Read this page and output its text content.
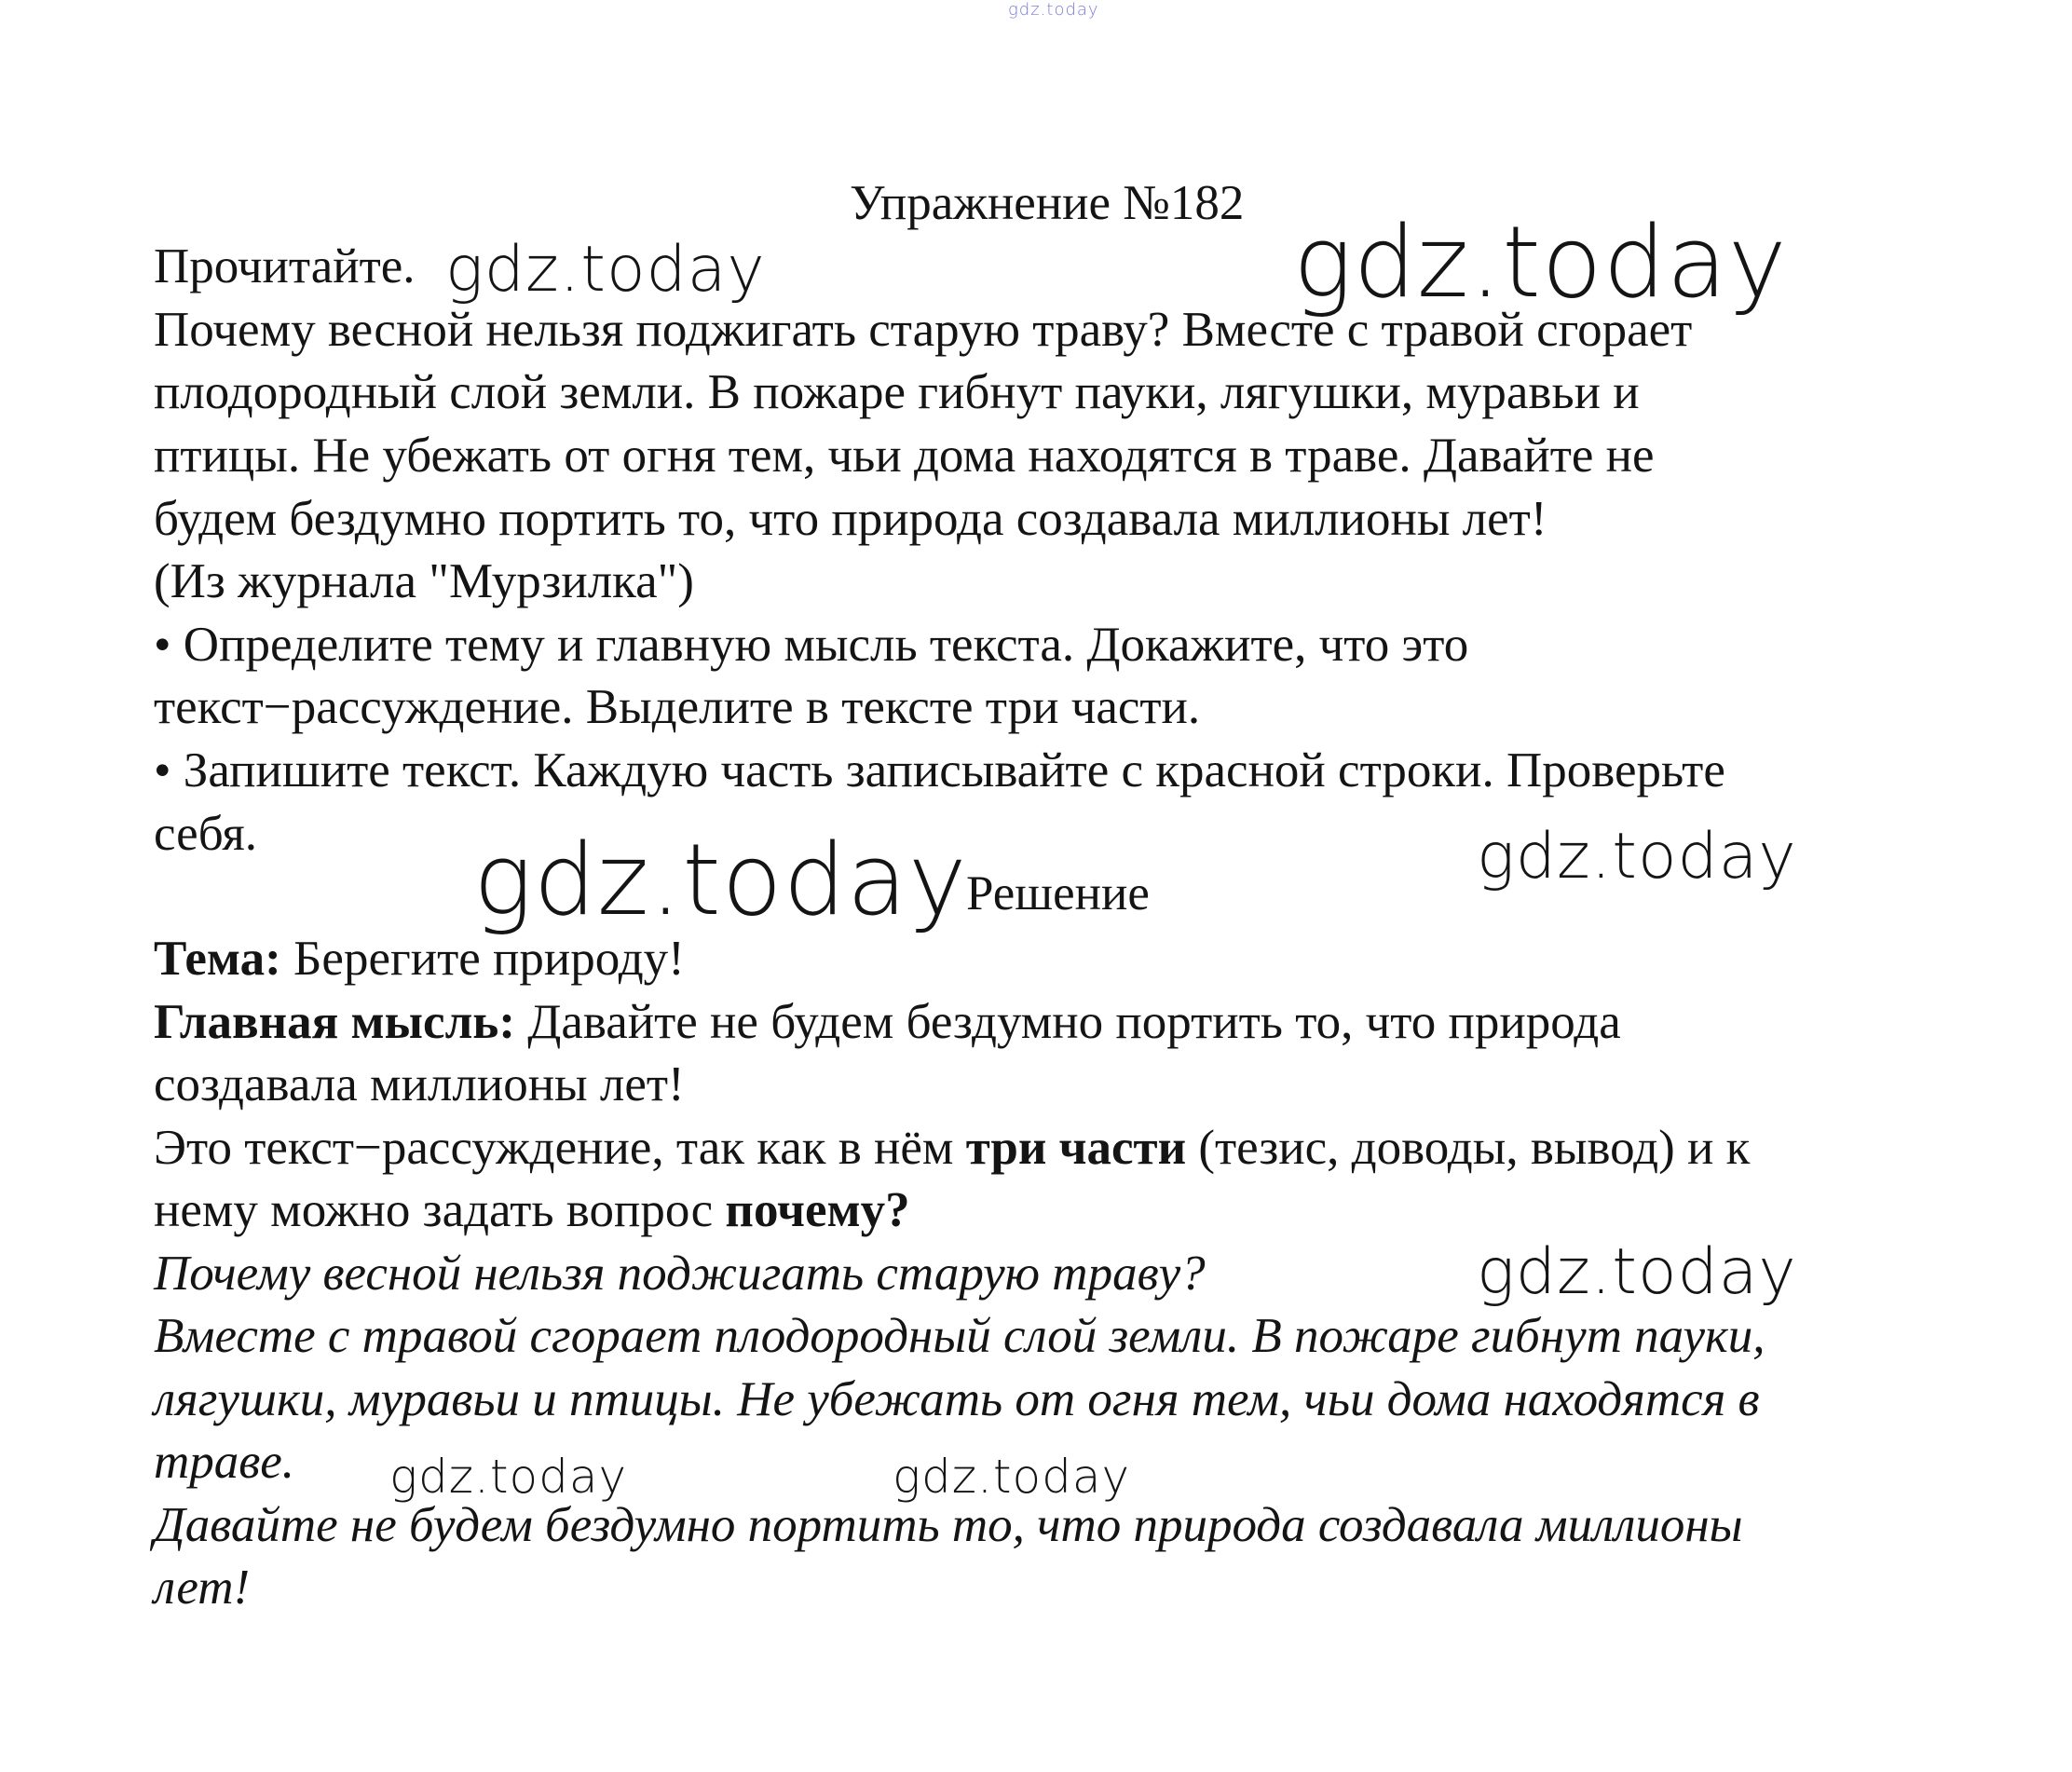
gdz.today
Упражнение №182
Прочитайте. gdz.today	gdz.today
Почему весной нельзя поджигать старую траву? Вместе с травой сгорает
плодородный слой земли. В пожаре гибнут пауки, лягушки, муравьи и
птицы. Не убежать от огня тем, чьи дома находятся в траве. Давайте не
будем бездумно портить то, что природа создавала миллионы лет!
(Из журнала "Мурзилка")
• Определите тему и главную мысль текста. Докажите, что это
текст−рассуждение. Выделите в тексте три части.
• Запишите текст. Каждую часть записывайте с красной строки. Проверьте
себя. gdz.today
Решение	gdz.today
Тема: Берегите природу!
Главная мысль: Давайте не будем бездумно портить то, что природа
создавала миллионы лет!
Это текст−рассуждение, так как в нём три части (тезис, доводы, вывод) и к
нему можно задать вопрос почему?
Почему весной нельзя поджигать старую траву?	gdz.today
Вместе с травой сгорает плодородный слой земли. В пожаре гибнут пауки,
лягушки, муравьи и птицы. Не убежать от огня тем, чьи дома находятся в
траве. gdz.today	gdz.today
Давайте не будем бездумно портить то, что природа создавала миллионы
лет!
